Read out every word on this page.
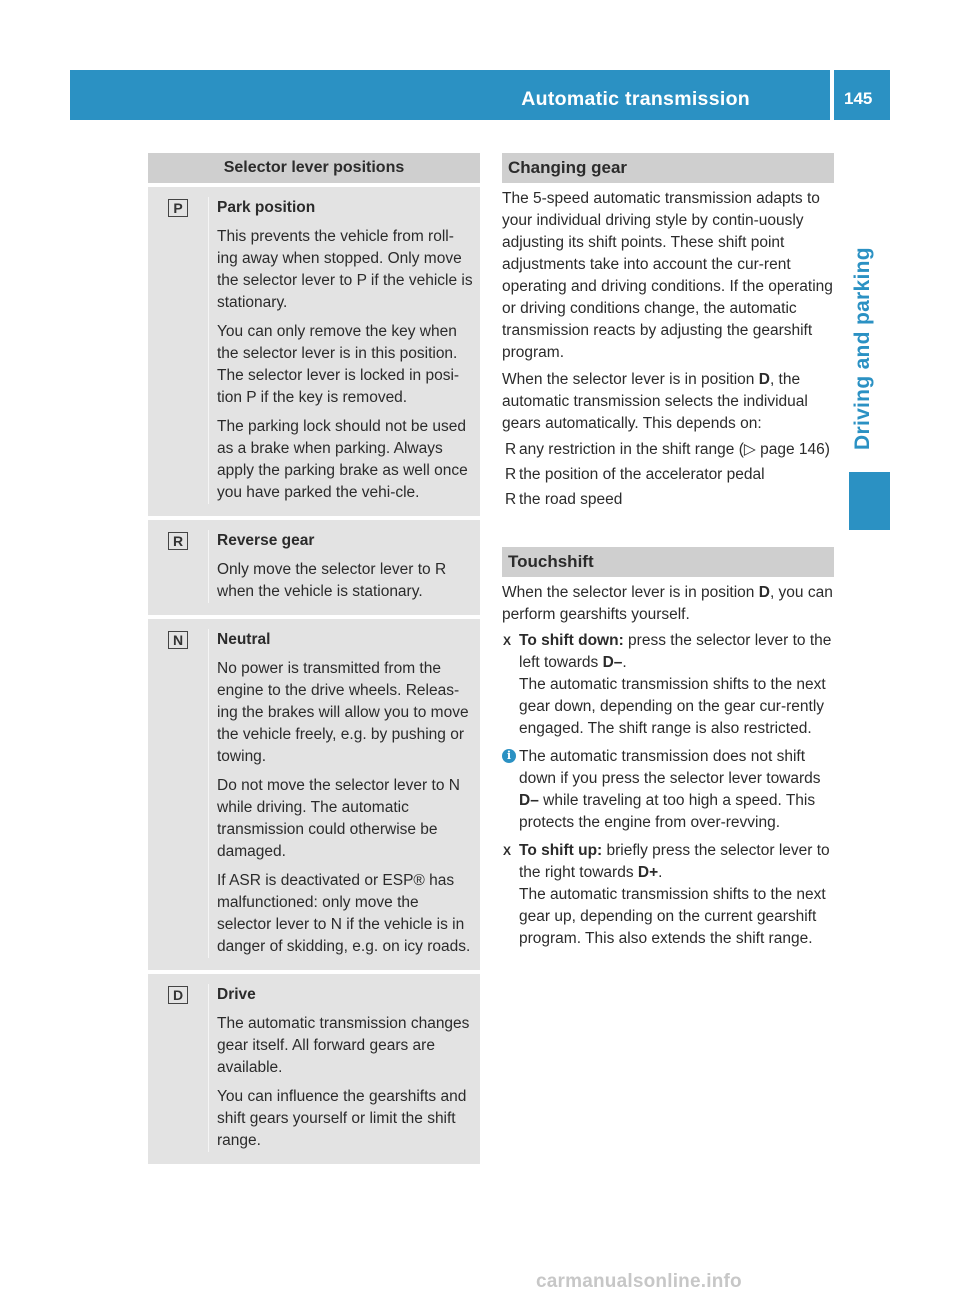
Automatic transmission	145
Driving and parking
Selector lever positions
P	Park position

This prevents the vehicle from roll-ing away when stopped. Only move the selector lever to P if the vehicle is stationary.

You can only remove the key when the selector lever is in this position. The selector lever is locked in posi-tion P if the key is removed.

The parking lock should not be used as a brake when parking. Always apply the parking brake as well once you have parked the vehi-cle.

R	Reverse gear

Only move the selector lever to R when the vehicle is stationary.

N	Neutral

No power is transmitted from the engine to the drive wheels. Releas-ing the brakes will allow you to move the vehicle freely, e.g. by pushing or towing.

Do not move the selector lever to N while driving. The automatic transmission could otherwise be damaged.

If ASR is deactivated or ESP® has malfunctioned: only move the selector lever to N if the vehicle is in danger of skidding, e.g. on icy roads.

D	Drive

The automatic transmission changes gear itself. All forward gears are available.

You can influence the gearshifts and shift gears yourself or limit the shift range.

Changing gear

The 5-speed automatic transmission adapts to your individual driving style by contin-uously adjusting its shift points. These shift point adjustments take into account the cur-rent operating and driving conditions. If the operating or driving conditions change, the automatic transmission reacts by adjusting the gearshift program.

When the selector lever is in position D, the automatic transmission selects the individual gears automatically. This depends on:

R any restriction in the shift range (▷ page 146)
R the position of the accelerator pedal
R the road speed
Touchshift

When the selector lever is in position D, you can perform gearshifts yourself.

X To shift down: press the selector lever to the left towards D–.
The automatic transmission shifts to the next gear down, depending on the gear cur-rently engaged. The shift range is also restricted.
i The automatic transmission does not shift down if you press the selector lever towards D– while traveling at too high a speed. This protects the engine from over-revving.
X To shift up: briefly press the selector lever to the right towards D+.
The automatic transmission shifts to the next gear up, depending on the current gearshift program. This also extends the shift range.
carmanualsonline.info
